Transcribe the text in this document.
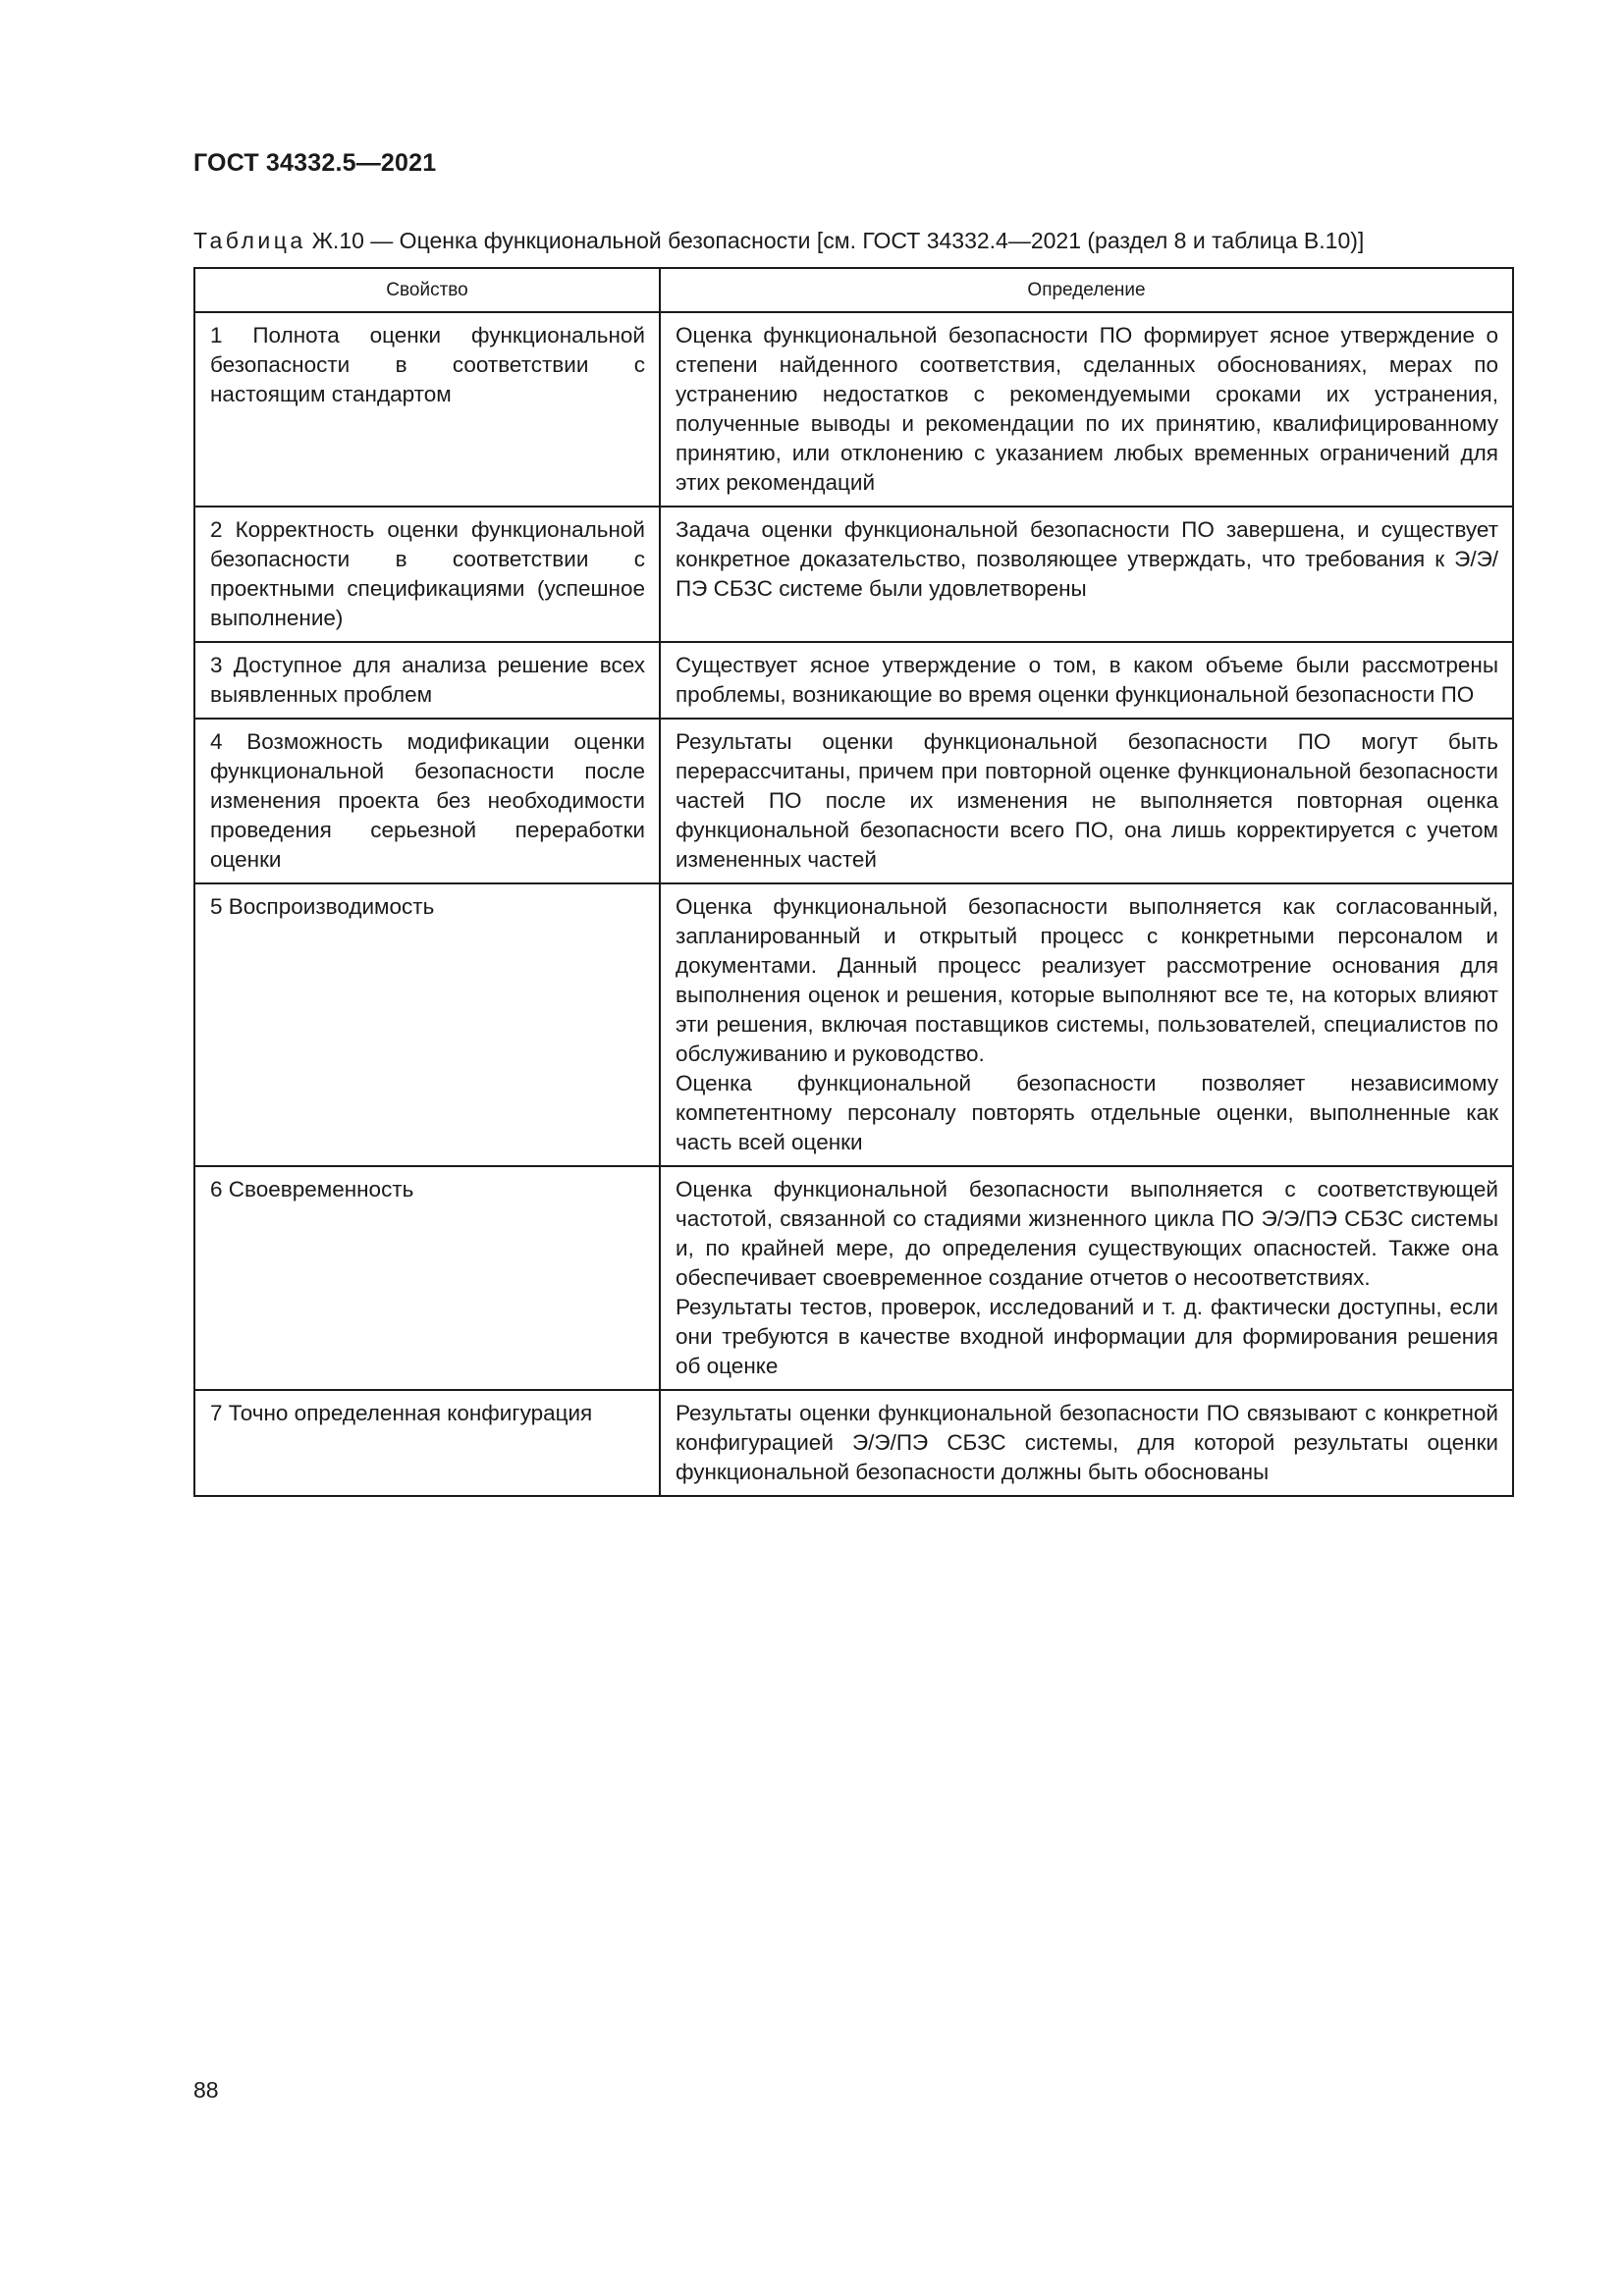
ГОСТ 34332.5—2021
Таблица Ж.10 — Оценка функциональной безопасности [см. ГОСТ 34332.4—2021 (раздел 8 и таблица В.10)]
Свойство	Определение
1 Полнота оценки функциональной безопасности в соответствии с настоящим стандартом	Оценка функциональной безопасности ПО формирует ясное утверждение о степени найденного соответствия, сделанных обоснованиях, мерах по устранению недостатков с рекомендуемыми сроками их устранения, полученные выводы и рекомендации по их принятию, квалифицированному принятию, или отклонению с указанием любых временных ограничений для этих рекомендаций

2 Корректность оценки функциональной безопасности в соответствии с проектными спецификациями (успешное выполнение)	Задача оценки функциональной безопасности ПО завершена, и существует конкретное доказательство, позволяющее утверждать, что требования к Э/Э/ПЭ СБЗС системе были удовлетворены

3 Доступное для анализа решение всех выявленных проблем	Существует ясное утверждение о том, в каком объеме были рассмотрены проблемы, возникающие во время оценки функциональной безопасности ПО

4 Возможность модификации оценки функциональной безопасности после изменения проекта без необходимости проведения серьезной переработки оценки	Результаты оценки функциональной безопасности ПО могут быть перерассчитаны, причем при повторной оценке функциональной безопасности частей ПО после их изменения не выполняется повторная оценка функциональной безопасности всего ПО, она лишь корректируется с учетом измененных частей

5 Воспроизводимость	Оценка функциональной безопасности выполняется как согласованный, запланированный и открытый процесс с конкретными персоналом и документами. Данный процесс реализует рассмотрение основания для выполнения оценок и решения, которые выполняют все те, на которых влияют эти решения, включая поставщиков системы, пользователей, специалистов по обслуживанию и руководство.

Оценка функциональной безопасности позволяет независимому компетентному персоналу повторять отдельные оценки, выполненные как часть всей оценки

6 Своевременность	Оценка функциональной безопасности выполняется с соответствующей частотой, связанной со стадиями жизненного цикла ПО Э/Э/ПЭ СБЗС системы и, по крайней мере, до определения существующих опасностей. Также она обеспечивает своевременное создание отчетов о несоответствиях.

Результаты тестов, проверок, исследований и т. д. фактически доступны, если они требуются в качестве входной информации для формирования решения об оценке

7 Точно определенная конфигурация	Результаты оценки функциональной безопасности ПО связывают с конкретной конфигурацией Э/Э/ПЭ СБЗС системы, для которой результаты оценки функциональной безопасности должны быть обоснованы

88
